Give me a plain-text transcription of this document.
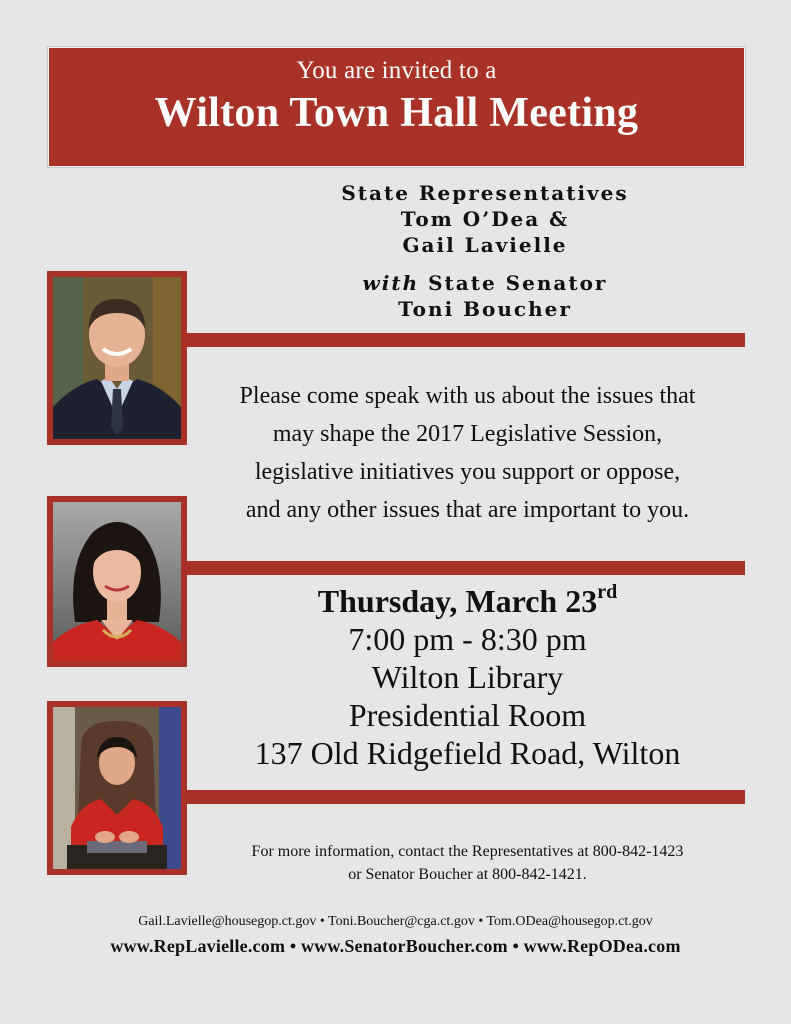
You are invited to a
Wilton Town Hall Meeting
State Representatives
Tom O’Dea &
Gail Lavielle
with State Senator
Toni Boucher
Please come speak with us about the issues that
may shape the 2017 Legislative Session,
legislative initiatives you support or oppose,
and any other issues that are important to you.
Thursday, March 23rd
7:00 pm - 8:30 pm
Wilton Library
Presidential Room
137 Old Ridgefield Road, Wilton
For more information, contact the Representatives at 800-842-1423
or Senator Boucher at 800-842-1421.
Gail.Lavielle@housegop.ct.gov • Toni.Boucher@cga.ct.gov • Tom.ODea@housegop.ct.gov
www.RepLavielle.com • www.SenatorBoucher.com • www.RepODea.com
